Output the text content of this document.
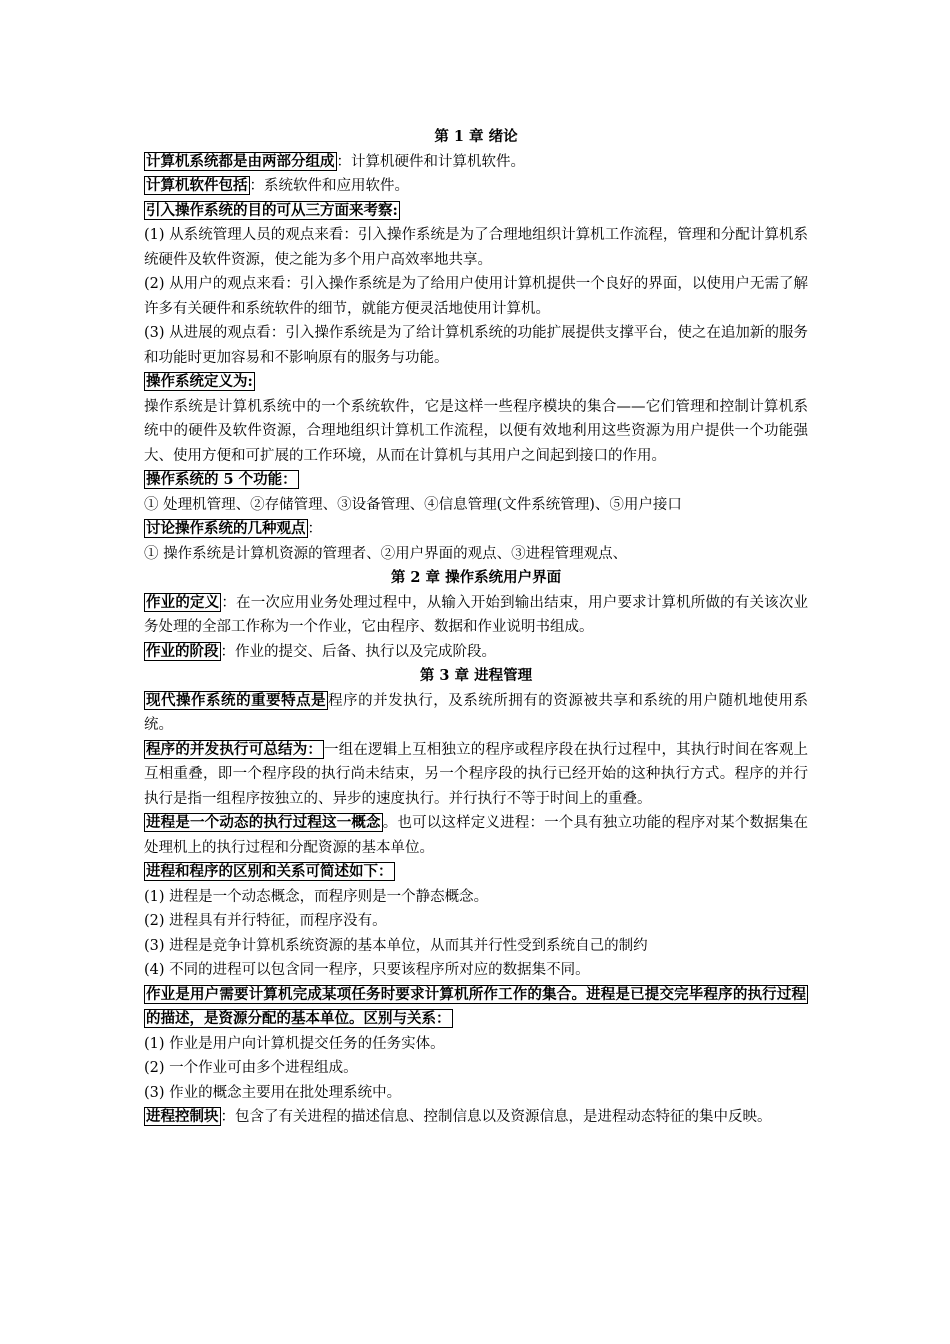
第 1 章 绪论

计算机系统都是由两部分组成 ：计算机硬件和计算机软件。

计算机软件包括 ：系统软件和应用软件。

引入操作系统的目的可从三方面来考察:

(1) 从系统管理人员的观点来看：引入操作系统是为了合理地组织计算机工作流程，管理和分配计算机系统硬件及软件资源，使之能为多个用户高效率地共享。

(2) 从用户的观点来看：引入操作系统是为了给用户使用计算机提供一个良好的界面，以使用户无需了解许多有关硬件和系统软件的细节，就能方便灵活地使用计算机。

(3) 从进展的观点看：引入操作系统是为了给计算机系统的功能扩展提供支撑平台，使之在追加新的服务和功能时更加容易和不影响原有的服务与功能。

操作系统定义为:

操作系统是计算机系统中的一个系统软件，它是这样一些程序模块的集合——它们管理和控制计算机系统中的硬件及软件资源，合理地组织计算机工作流程，以便有效地利用这些资源为用户提供一个功能强大、使用方便和可扩展的工作环境，从而在计算机与其用户之间起到接口的作用。

操作系统的 5 个功能：

① 处理机管理、②存储管理、③设备管理、④信息管理(文件系统管理)、⑤用户接口

讨论操作系统的几种观点 ：

① 操作系统是计算机资源的管理者、②用户界面的观点、③进程管理观点、

第 2 章 操作系统用户界面

作业的定义 ：在一次应用业务处理过程中，从输入开始到输出结束，用户要求计算机所做的有关该次业务处理的全部工作称为一个作业，它由程序、数据和作业说明书组成。

作业的阶段 ：作业的提交、后备、执行以及完成阶段。

第 3 章 进程管理

现代操作系统的重要特点是 程序的并发执行，及系统所拥有的资源被共享和系统的用户随机地使用系统。

程序的并发执行可总结为： 一组在逻辑上互相独立的程序或程序段在执行过程中，其执行时间在客观上互相重叠，即一个程序段的执行尚未结束，另一个程序段的执行已经开始的这种执行方式。程序的并行执行是指一组程序按独立的、异步的速度执行。并行执行不等于时间上的重叠。

进程是一个动态的执行过程这一概念 。也可以这样定义进程：一个具有独立功能的程序对某个数据集在处理机上的执行过程和分配资源的基本单位。

进程和程序的区别和关系可简述如下：

(1) 进程是一个动态概念，而程序则是一个静态概念。

(2) 进程具有并行特征，而程序没有。

(3) 进程是竞争计算机系统资源的基本单位，从而其并行性受到系统自己的制约

(4) 不同的进程可以包含同一程序，只要该程序所对应的数据集不同。

作业是用户需要计算机完成某项任务时要求计算机所作工作的集合。进程是已提交完毕程序的执行过程的描述，是资源分配的基本单位。区别与关系：

(1) 作业是用户向计算机提交任务的任务实体。

(2) 一个作业可由多个进程组成。

(3) 作业的概念主要用在批处理系统中。

进程控制块 ：包含了有关进程的描述信息、控制信息以及资源信息，是进程动态特征的集中反映。
